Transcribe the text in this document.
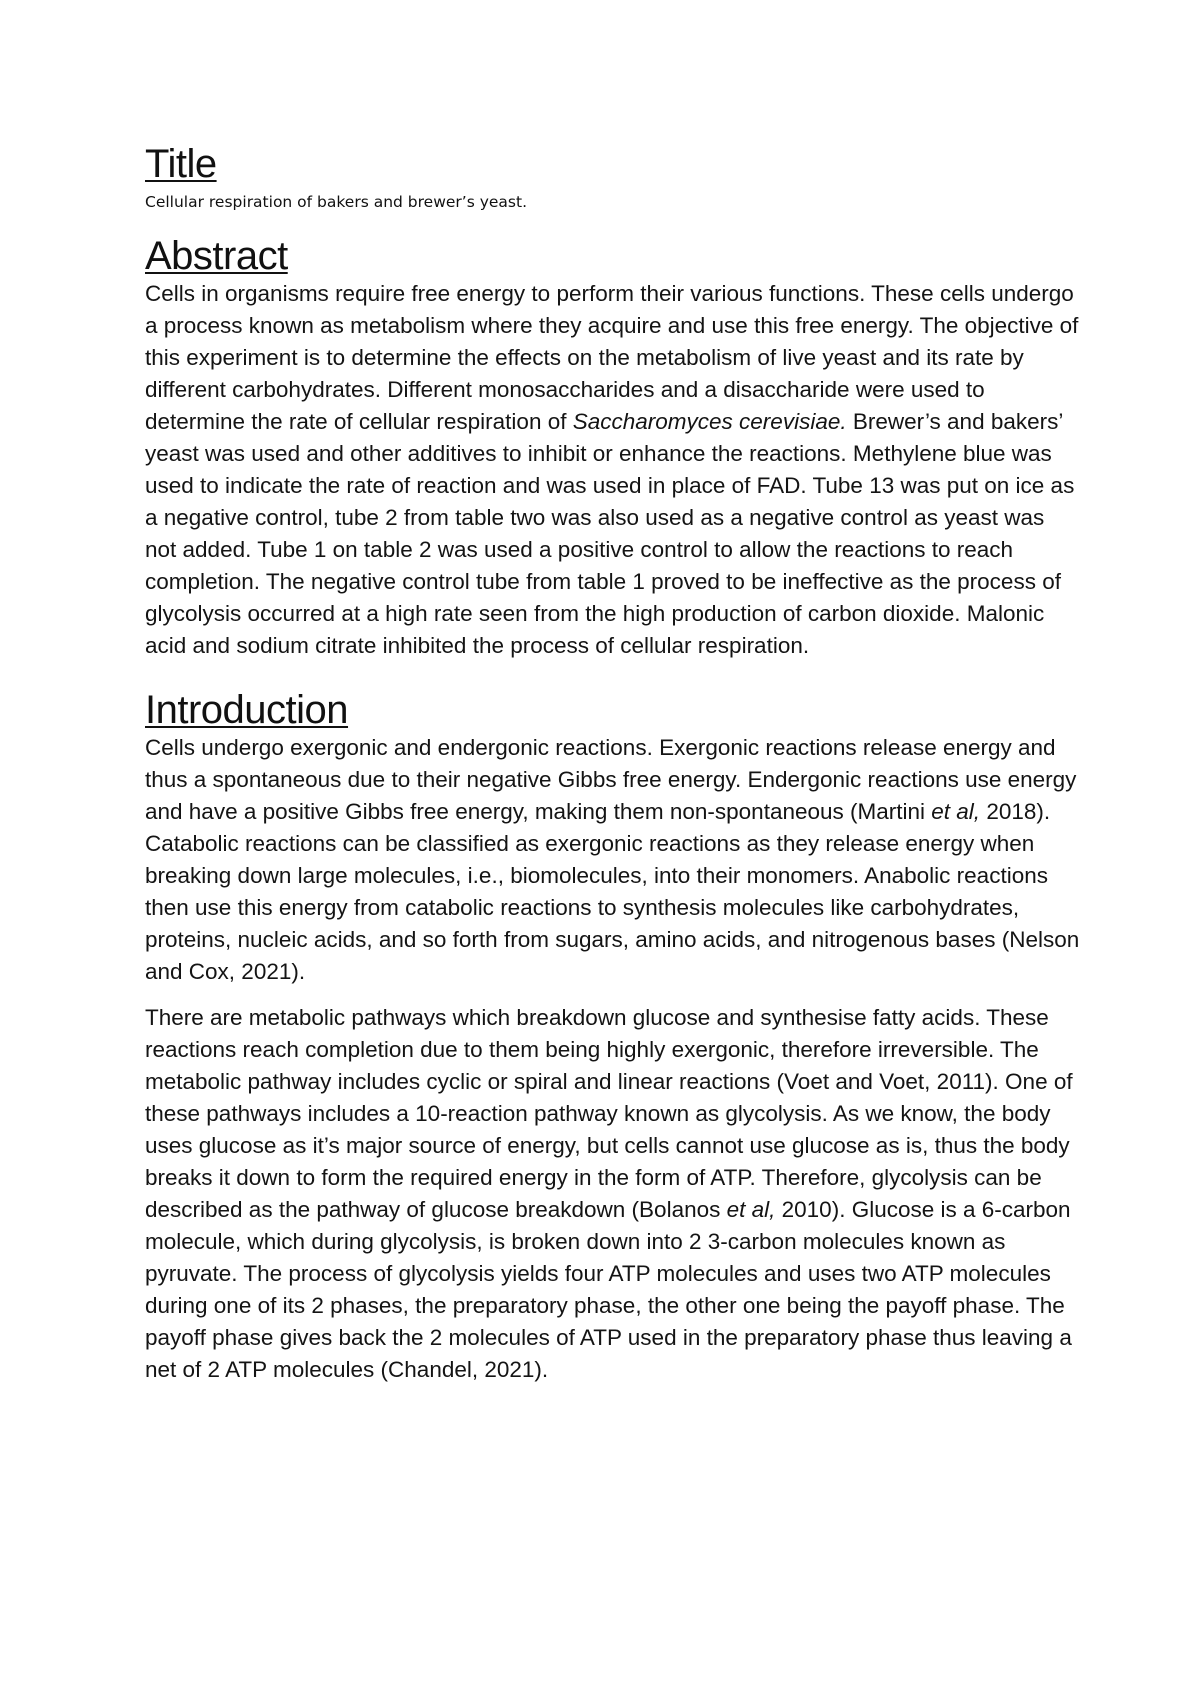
Title

Cellular respiration of bakers and brewer’s yeast.

Abstract

Cells in organisms require free energy to perform their various functions. These cells undergo a process known as metabolism where they acquire and use this free energy. The objective of this experiment is to determine the effects on the metabolism of live yeast and its rate by different carbohydrates. Different monosaccharides and a disaccharide were used to determine the rate of cellular respiration of Saccharomyces cerevisiae. Brewer’s and bakers’ yeast was used and other additives to inhibit or enhance the reactions. Methylene blue was used to indicate the rate of reaction and was used in place of FAD. Tube 13 was put on ice as a negative control, tube 2 from table two was also used as a negative control as yeast was not added. Tube 1 on table 2 was used a positive control to allow the reactions to reach completion. The negative control tube from table 1 proved to be ineffective as the process of glycolysis occurred at a high rate seen from the high production of carbon dioxide. Malonic acid and sodium citrate inhibited the process of cellular respiration.

Introduction

Cells undergo exergonic and endergonic reactions. Exergonic reactions release energy and thus a spontaneous due to their negative Gibbs free energy. Endergonic reactions use energy and have a positive Gibbs free energy, making them non-spontaneous (Martini et al, 2018). Catabolic reactions can be classified as exergonic reactions as they release energy when breaking down large molecules, i.e., biomolecules, into their monomers. Anabolic reactions then use this energy from catabolic reactions to synthesis molecules like carbohydrates, proteins, nucleic acids, and so forth from sugars, amino acids, and nitrogenous bases (Nelson and Cox, 2021).

There are metabolic pathways which breakdown glucose and synthesise fatty acids. These reactions reach completion due to them being highly exergonic, therefore irreversible. The metabolic pathway includes cyclic or spiral and linear reactions (Voet and Voet, 2011). One of these pathways includes a 10-reaction pathway known as glycolysis. As we know, the body uses glucose as it’s major source of energy, but cells cannot use glucose as is, thus the body breaks it down to form the required energy in the form of ATP. Therefore, glycolysis can be described as the pathway of glucose breakdown (Bolanos et al, 2010). Glucose is a 6-carbon molecule, which during glycolysis, is broken down into 2 3-carbon molecules known as pyruvate. The process of glycolysis yields four ATP molecules and uses two ATP molecules during one of its 2 phases, the preparatory phase, the other one being the payoff phase. The payoff phase gives back the 2 molecules of ATP used in the preparatory phase thus leaving a net of 2 ATP molecules (Chandel, 2021).
